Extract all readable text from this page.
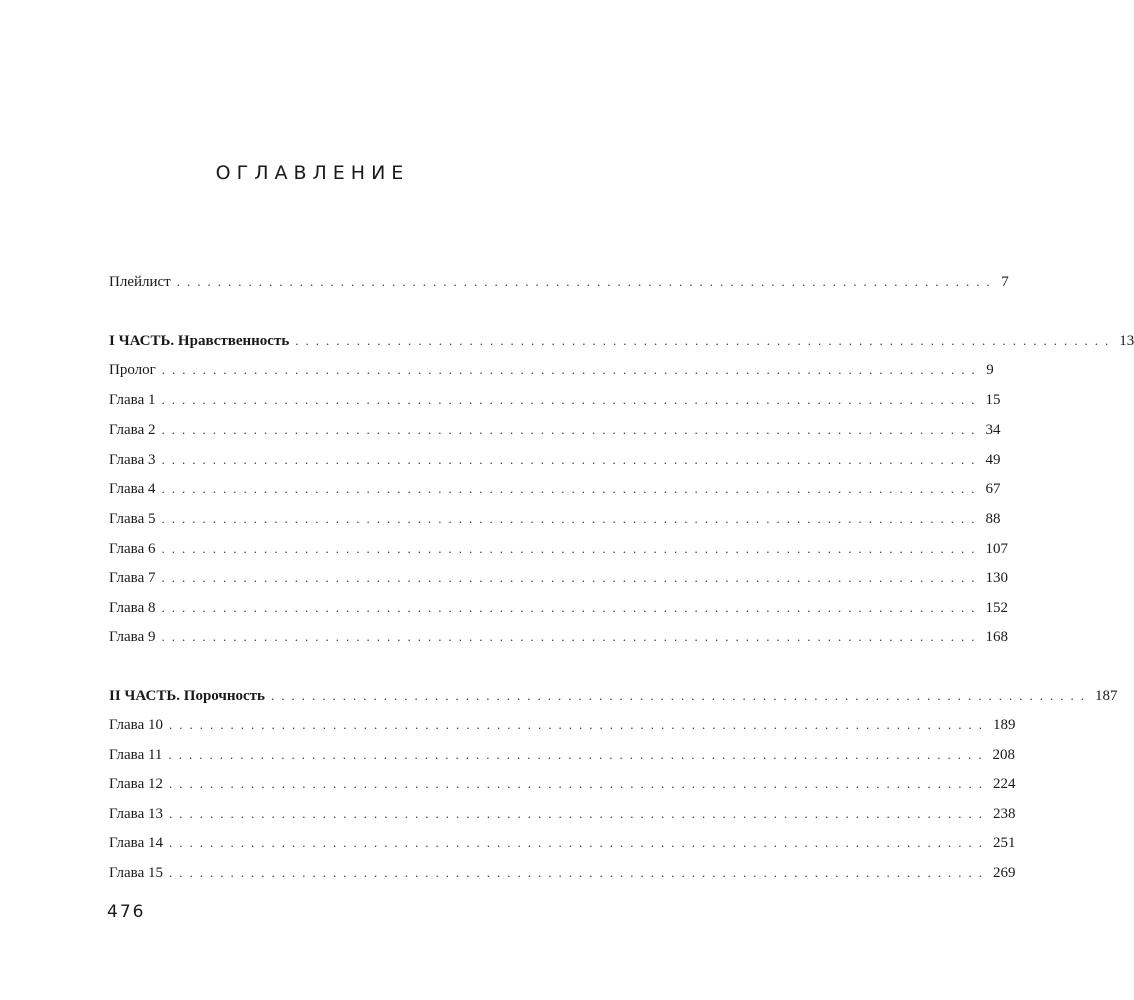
ОГЛАВЛЕНИЕ
Плейлист ................................................................................ 7
I ЧАСТЬ. Нравственность ................................................................................ 13
Пролог ................................................................................ 9
Глава 1 ................................................................................ 15
Глава 2 ................................................................................ 34
Глава 3 ................................................................................ 49
Глава 4 ................................................................................ 67
Глава 5 ................................................................................ 88
Глава 6 ................................................................................ 107
Глава 7 ................................................................................ 130
Глава 8 ................................................................................ 152
Глава 9 ................................................................................ 168
II ЧАСТЬ. Порочность ................................................................................ 187
Глава 10 ................................................................................ 189
Глава 11 ................................................................................ 208
Глава 12 ................................................................................ 224
Глава 13 ................................................................................ 238
Глава 14 ................................................................................ 251
Глава 15 ................................................................................ 269
476
